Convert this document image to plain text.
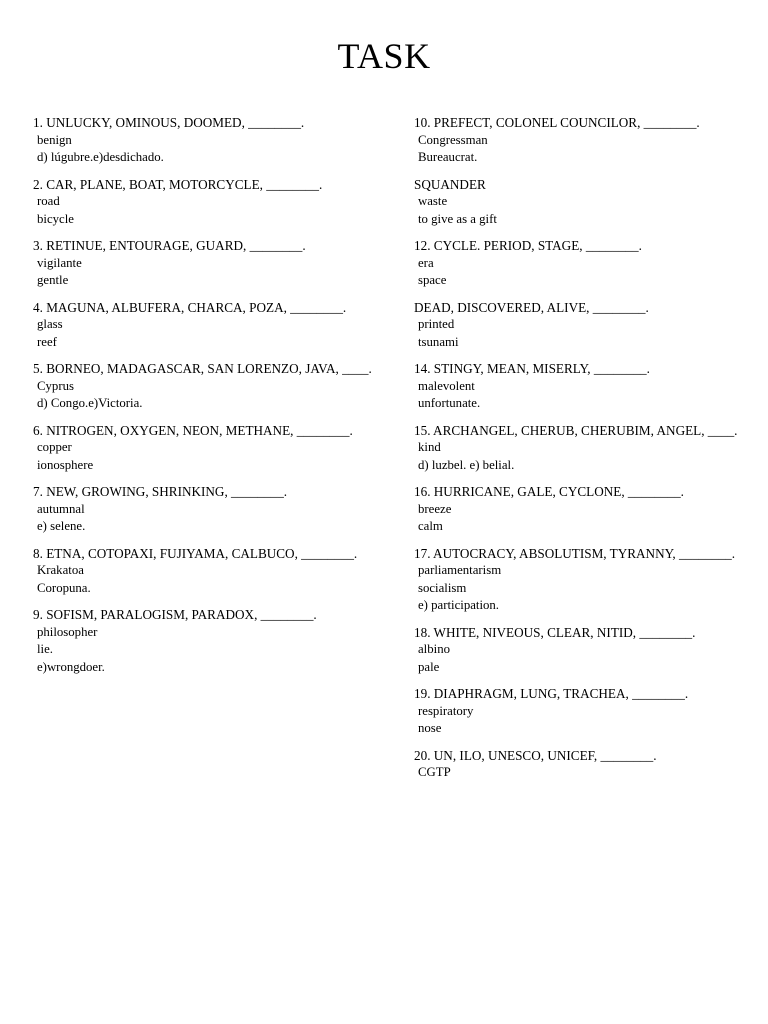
TASK
1. UNLUCKY, OMINOUS, DOOMED, ________.
benign
d) lúgubre.e)desdichado.
2. CAR, PLANE, BOAT, MOTORCYCLE, ________.
road
bicycle
3. RETINUE, ENTOURAGE, GUARD, ________.
vigilante
gentle
4. MAGUNA, ALBUFERA, CHARCA, POZA, ________.
glass
reef
5. BORNEO, MADAGASCAR, SAN LORENZO, JAVA, ____.
Cyprus
d) Congo.e)Victoria.
6. NITROGEN, OXYGEN, NEON, METHANE, ________.
copper
ionosphere
7. NEW, GROWING, SHRINKING, ________.
autumnal
e) selene.
8. ETNA, COTOPAXI, FUJIYAMA, CALBUCO, ________.
Krakatoa
Coropuna.
9. SOFISM, PARALOGISM, PARADOX, ________.
philosopher
lie.
e)wrongdoer.
10. PREFECT, COLONEL COUNCILOR, ________.
Congressman
Bureaucrat.
SQUANDER
waste
to give as a gift
12. CYCLE. PERIOD, STAGE, ________.
era
space
DEAD, DISCOVERED, ALIVE, ________.
printed
tsunami
14. STINGY, MEAN, MISERLY, ________.
malevolent
unfortunate.
15. ARCHANGEL, CHERUB, CHERUBIM, ANGEL, ____.
kind
d) luzbel. e) belial.
16. HURRICANE, GALE, CYCLONE, ________.
breeze
calm
17. AUTOCRACY, ABSOLUTISM, TYRANNY, ________.
parliamentarism
socialism
e) participation.
18. WHITE, NIVEOUS, CLEAR, NITID, ________.
albino
pale
19. DIAPHRAGM, LUNG, TRACHEA, ________.
respiratory
nose
20. UN, ILO, UNESCO, UNICEF, ________.
CGTP
